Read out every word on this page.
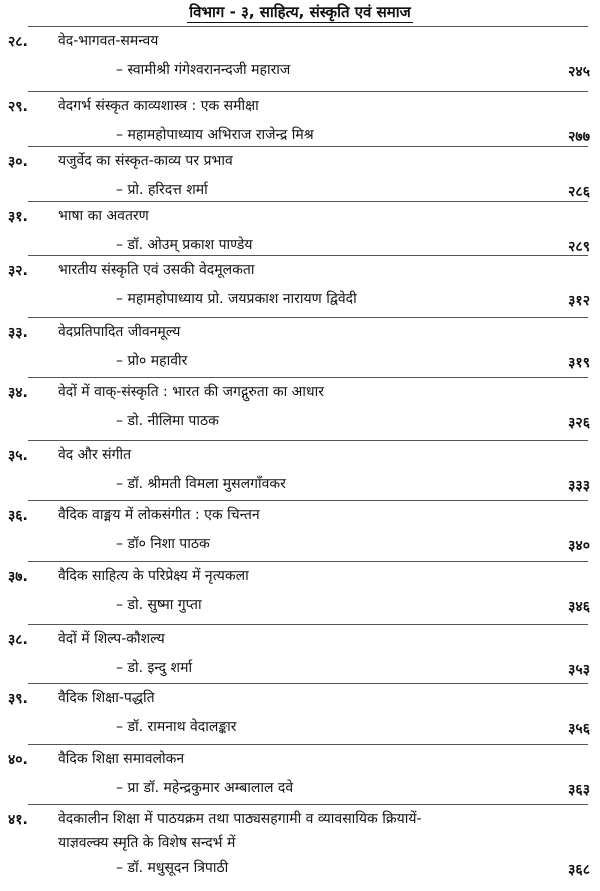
विभाग - ३, साहित्य, संस्कृति एवं समाज
२८. वेद-भागवत-समन्वय
– स्वामीश्री गंगेश्वरानन्दजी महाराज	२४५
२९. वेदगर्भ संस्कृत काव्यशास्त्र : एक समीक्षा
– महामहोपाध्याय अभिराज राजेन्द्र मिश्र	२७७
३०. यजुर्वेद का संस्कृत-काव्य पर प्रभाव
– प्रो. हरिदत्त शर्मा	२८६
३१. भाषा का अवतरण
– डॉ. ओउम् प्रकाश पाण्डेय	२८९
३२. भारतीय संस्कृति एवं उसकी वेदमूलकता
– महामहोपाध्याय प्रो. जयप्रकाश नारायण द्विवेदी	३१२
३३. वेदप्रतिपादित जीवनमूल्य
– प्रो० महावीर	३१९
३४. वेदों में वाक्-संस्कृति : भारत की जगद्गुरुता का आधार
– डो. नीलिमा पाठक	३२६
३५. वेद और संगीत
– डॉ. श्रीमती विमला मुसलगाँवकर	३३३
३६. वैदिक वाङ्मय में लोकसंगीत : एक चिन्तन
– डॉ० निशा पाठक	३४०
३७. वैदिक साहित्य के परिप्रेक्ष्य में नृत्यकला
– डो. सुष्मा गुप्ता	३४६
३८. वेदों में शिल्प-कौशल्य
– डो. इन्दु शर्मा	३५३
३९. वैदिक शिक्षा-पद्धति
– डॉ. रामनाथ वेदालङ्कार	३५६
४०. वैदिक शिक्षा समावलोकन
– प्रा डॉ. महेन्द्रकुमार अम्बालाल दवे	३६३
४१. वेदकालीन शिक्षा में पाठयक्रम तथा पाठ्यसहगामी व व्यावसायिक क्रियायें-
याज्ञवल्क्य स्मृति के विशेष सन्दर्भ में
– डॉ. मधुसूदन त्रिपाठी	३६८
